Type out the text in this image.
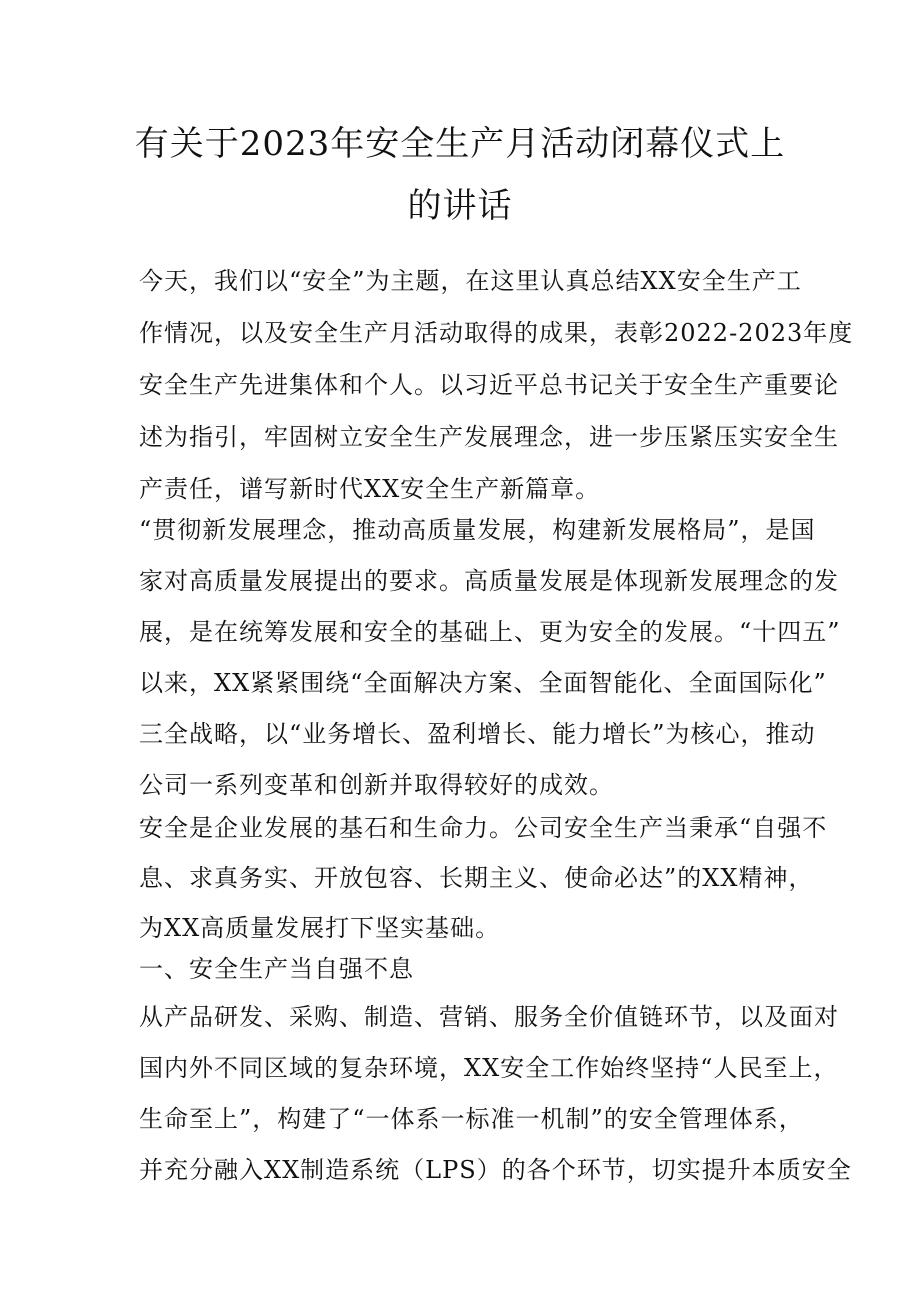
有关于2023年安全生产月活动闭幕仪式上
的讲话
今天，我们以“安全”为主题，在这里认真总结XX安全生产工
作情况，以及安全生产月活动取得的成果，表彰2022-2023年度
安全生产先进集体和个人。以习近平总书记关于安全生产重要论
述为指引，牢固树立安全生产发展理念，进一步压紧压实安全生
产责任，谱写新时代XX安全生产新篇章。
“贯彻新发展理念，推动高质量发展，构建新发展格局”，是国
家对高质量发展提出的要求。高质量发展是体现新发展理念的发
展，是在统筹发展和安全的基础上、更为安全的发展。“十四五”
以来，XX紧紧围绕“全面解决方案、全面智能化、全面国际化”
三全战略，以“业务增长、盈利增长、能力增长”为核心，推动
公司一系列变革和创新并取得较好的成效。
安全是企业发展的基石和生命力。公司安全生产当秉承“自强不
息、求真务实、开放包容、长期主义、使命必达”的XX精神，
为XX高质量发展打下坚实基础。
一、安全生产当自强不息
从产品研发、采购、制造、营销、服务全价值链环节，以及面对
国内外不同区域的复杂环境，XX安全工作始终坚持“人民至上，
生命至上”，构建了“一体系一标准一机制”的安全管理体系，
并充分融入XX制造系统（LPS）的各个环节，切实提升本质安全
